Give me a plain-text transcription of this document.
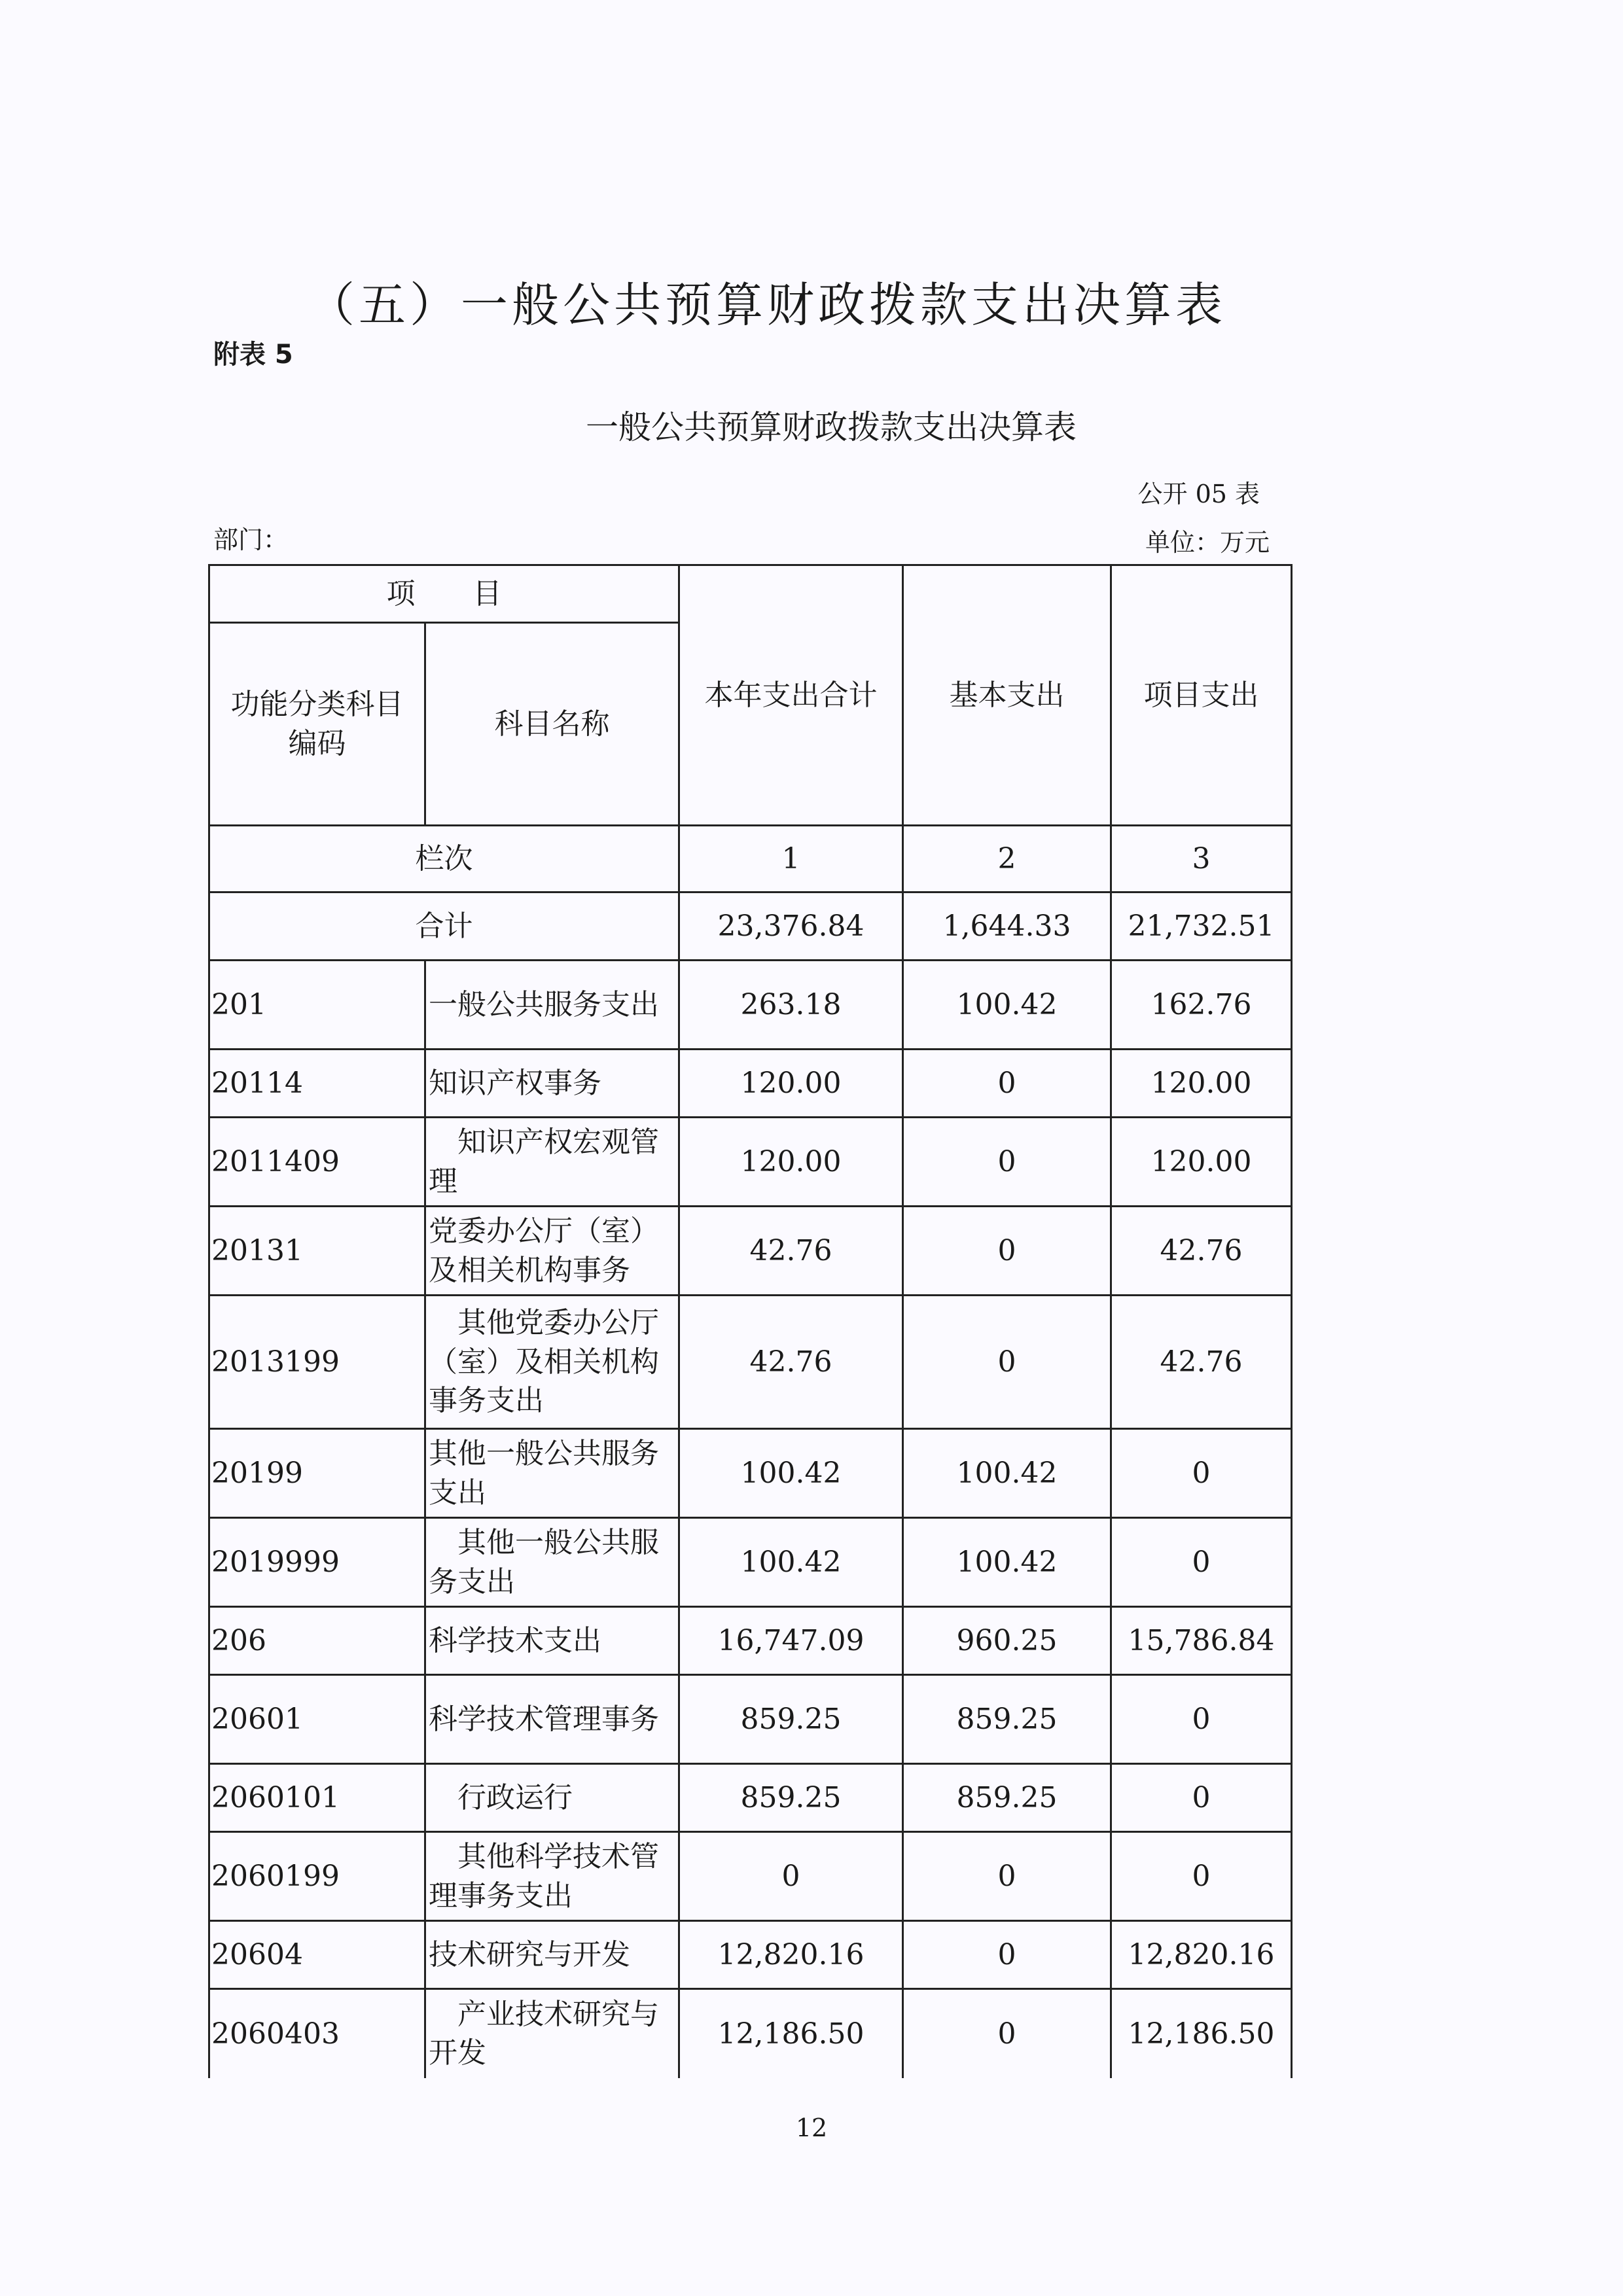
（五）一般公共预算财政拨款支出决算表
附表 5
一般公共预算财政拨款支出决算表
公开 05 表
部门：	单位：万元
项　　目		本年支出合计	基本支出	项目支出
功能分类科目编码	科目名称			
栏次		1	2	3
合计		23,376.84	1,644.33	21,732.51
201	一般公共服务支出	263.18	100.42	162.76
20114	知识产权事务	120.00	0	120.00
2011409	知识产权宏观管理	120.00	0	120.00
20131	党委办公厅（室）及相关机构事务	42.76	0	42.76
2013199	其他党委办公厅（室）及相关机构事务支出	42.76	0	42.76
20199	其他一般公共服务支出	100.42	100.42	0
2019999	其他一般公共服务支出	100.42	100.42	0
206	科学技术支出	16,747.09	960.25	15,786.84
20601	科学技术管理事务	859.25	859.25	0
2060101	行政运行	859.25	859.25	0
2060199	其他科学技术管理事务支出	0	0	0
20604	技术研究与开发	12,820.16	0	12,820.16
2060403	产业技术研究与开发	12,186.50	0	12,186.50
12
